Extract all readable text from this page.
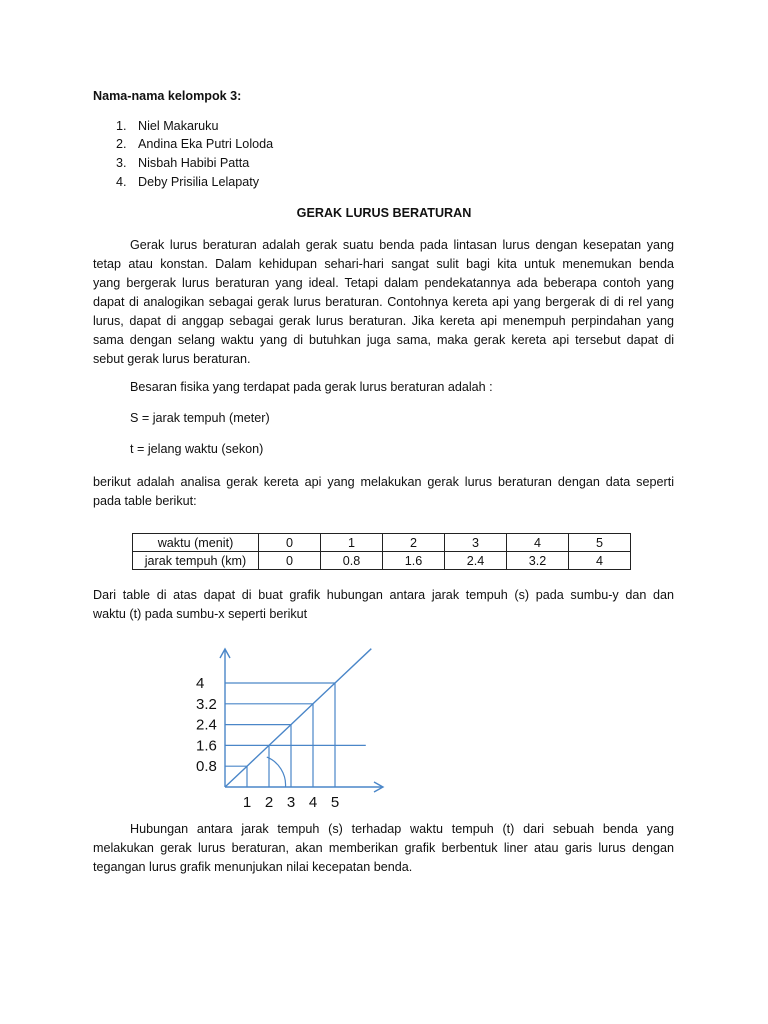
Nama-nama kelompok 3:
1. Niel Makaruku
2. Andina Eka Putri Loloda
3. Nisbah Habibi Patta
4. Deby Prisilia Lelapaty
GERAK LURUS BERATURAN
Gerak lurus beraturan adalah gerak suatu benda pada lintasan lurus dengan kesepatan yang
tetap atau konstan. Dalam kehidupan sehari-hari sangat sulit bagi kita untuk menemukan benda
yang bergerak lurus beraturan yang ideal. Tetapi dalam pendekatannya ada beberapa contoh yang
dapat di analogikan sebagai gerak lurus beraturan. Contohnya kereta api yang bergerak di di rel yang
lurus, dapat di anggap sebagai gerak lurus beraturan. Jika kereta api menempuh perpindahan yang
sama dengan selang waktu yang di butuhkan juga sama, maka gerak kereta api tersebut dapat di
sebut gerak lurus beraturan.
Besaran fisika yang terdapat pada gerak lurus beraturan adalah :
S = jarak tempuh (meter)
t = jelang waktu (sekon)
berikut adalah analisa gerak kereta api yang melakukan gerak lurus beraturan dengan data seperti
pada table berikut:
waktu (menit)	0	1	2	3	4	5
jarak tempuh (km)	0	0.8	1.6	2.4	3.2	4
Dari table di atas dapat di buat grafik hubungan antara jarak tempuh (s) pada sumbu-y dan dan
waktu (t) pada sumbu-x seperti berikut
1 2 3 4 5
0.8
1.6
2.4
3.2
4
Hubungan antara jarak tempuh (s) terhadap waktu tempuh (t) dari sebuah benda yang
melakukan gerak lurus beraturan, akan memberikan grafik berbentuk liner atau garis lurus dengan
tegangan lurus grafik menunjukan nilai kecepatan benda.
